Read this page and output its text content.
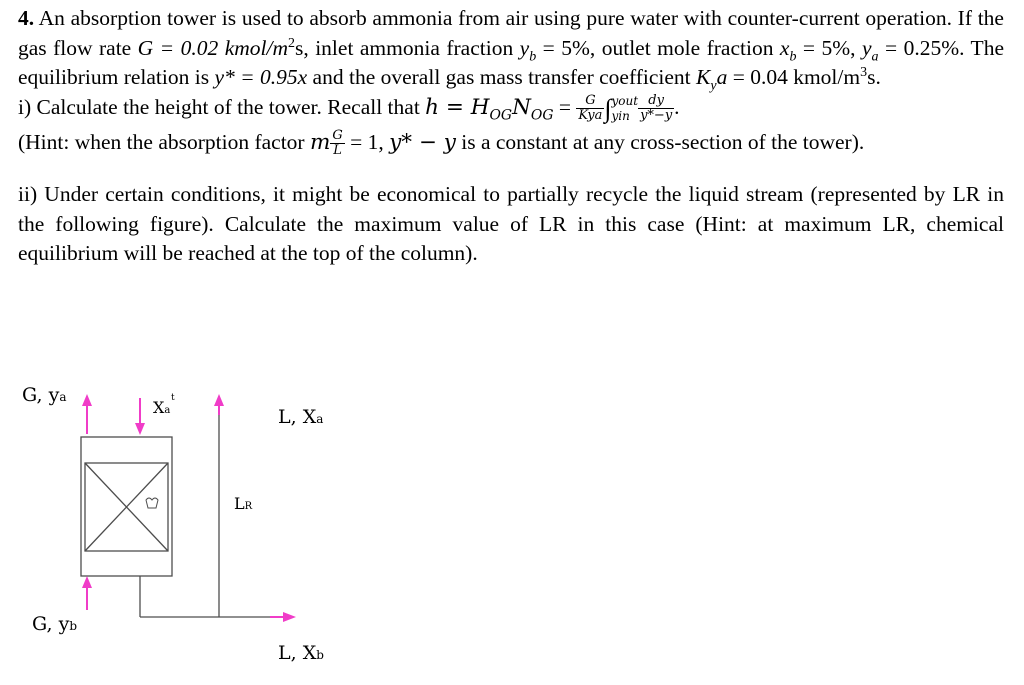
4. An absorption tower is used to absorb ammonia from air using pure water with counter-current operation. If the gas flow rate G = 0.02 kmol/$m^2s$, inlet ammonia fraction $y_b = 5\%$, outlet mole fraction $x_b = 5\%$, $y_a = 0.25\%$. The equilibrium relation is y* = 0.95x and the overall gas mass transfer coefficient $K_ya = 0.04$ kmol/$m^3s$.

i) Calculate the height of the tower. Recall that $h = H_{OG}N_{OG} = \frac{G}{\text{Kya}}$ ∫ yout
yin $\frac{dy}{y*-y}$ .

(Hint: when the absorption factor m $\frac{G}{L} = 1$, y* − y is a constant at any cross-section of the tower).

ii) Under certain conditions, it might be economical to partially recycle the liquid stream (represented by LR in the following figure). Calculate the maximum value of LR in this case (Hint: at maximum LR, chemical equilibrium will be reached at the top of the column).

t
G, ya
Xa	L, Xa
LR
G, yb
L, Xb
